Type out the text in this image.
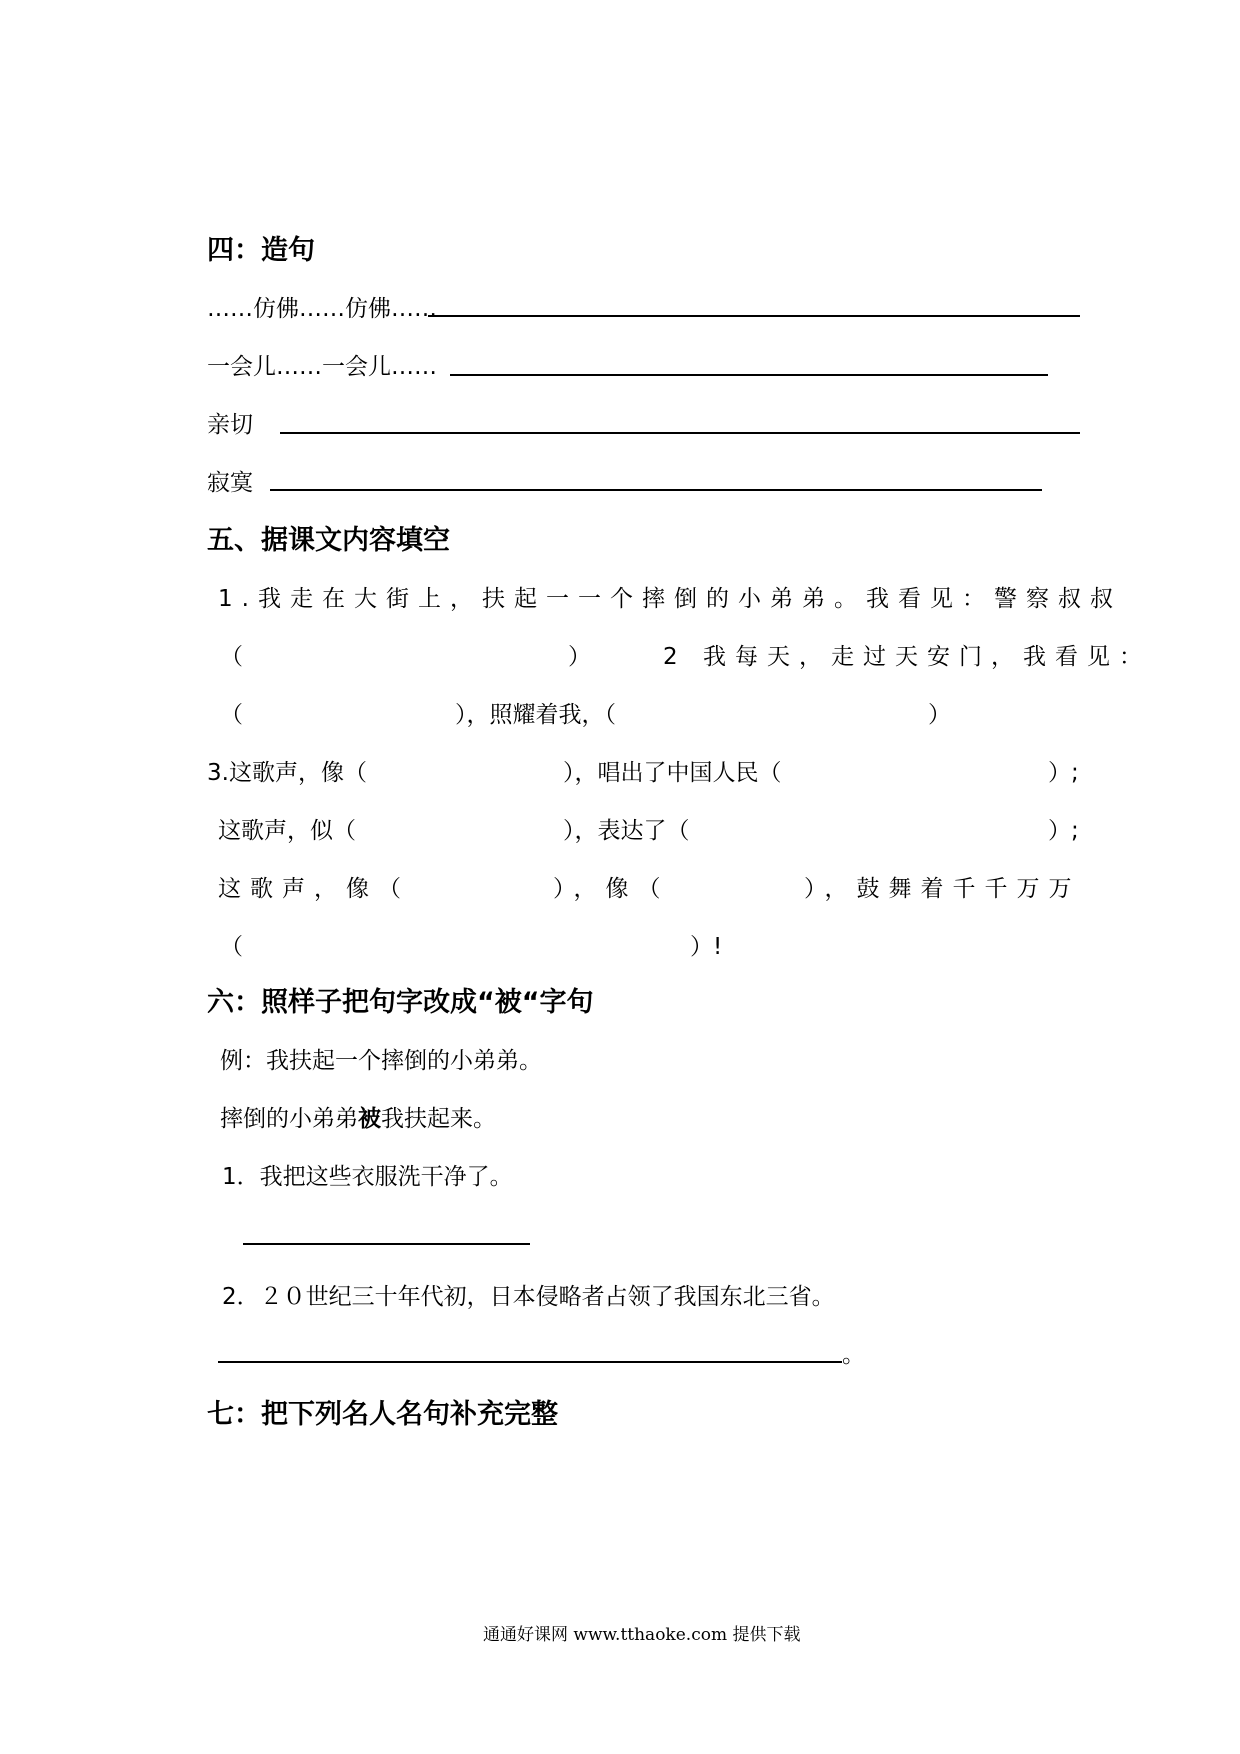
四：造句
……仿佛……仿佛……
一会儿……一会儿……
亲切
寂寞
五、据课文内容填空
1.我走在大街上，扶起一一个摔倒的小弟弟。我看见：警察叔叔
（	）	2 我每天，走过天安门，我看见：
（	），照耀着我，（	）
3.这歌声，像（	），唱出了中国人民（	）;
这歌声，似（	），表达了（	）;
这歌声，像（	），像（	），鼓舞着千千万万
（	）!
六：照样子把句字改成“被“字句
例：我扶起一个摔倒的小弟弟。
摔倒的小弟弟被我扶起来。
1．我把这些衣服洗干净了。
2．２０世纪三十年代初，日本侵略者占领了我国东北三省。
。
七：把下列名人名句补充完整
通通好课网 www.tthaoke.com 提供下载
